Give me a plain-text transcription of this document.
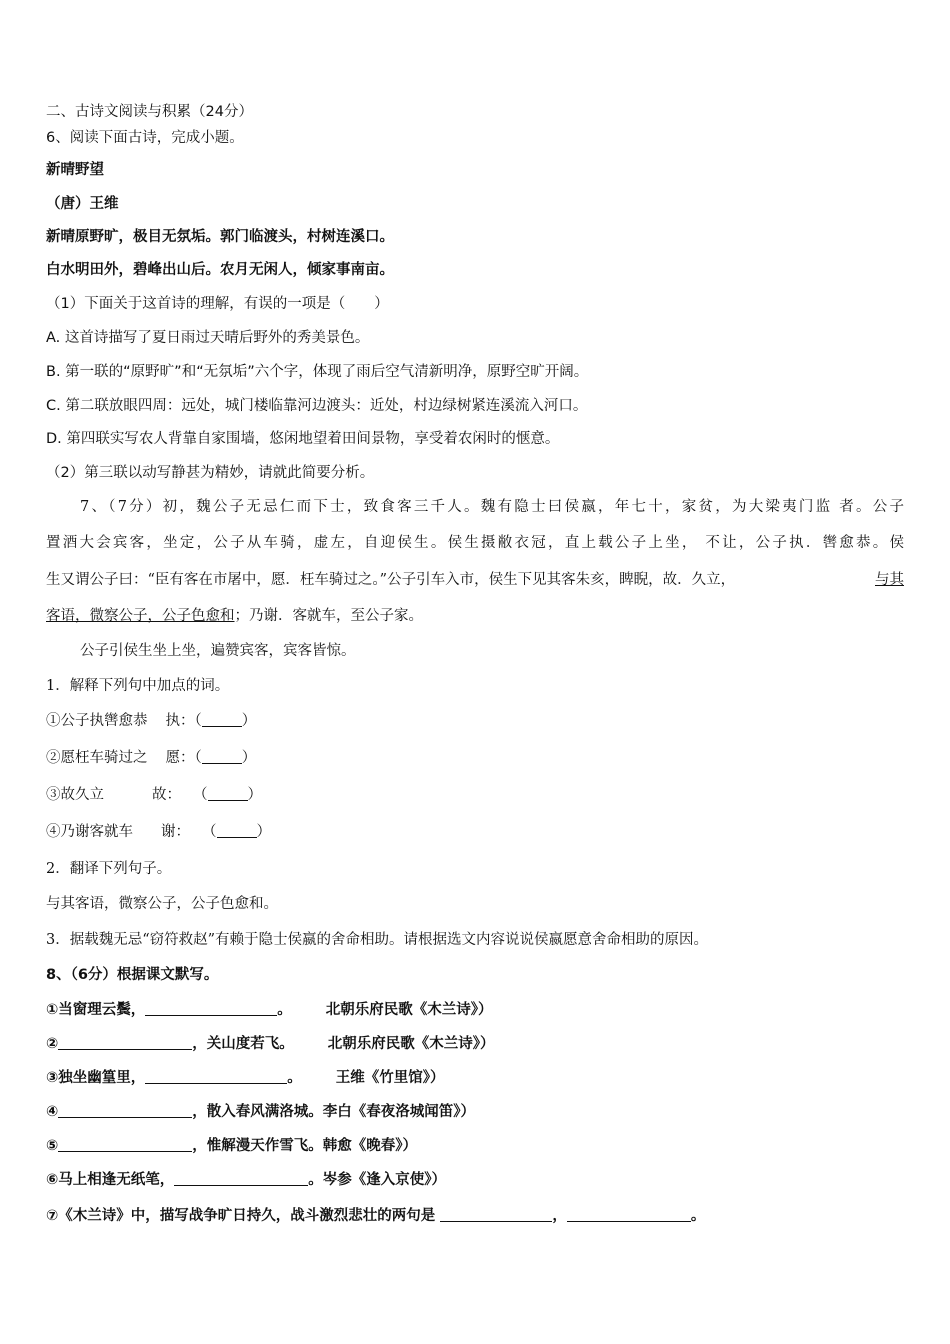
二、古诗文阅读与积累（24分）
6、阅读下面古诗，完成小题。
新晴野望
（唐）王维
新晴原野旷，极目无氛垢。郭门临渡头，村树连溪口。
白水明田外，碧峰出山后。农月无闲人，倾家事南亩。
（1）下面关于这首诗的理解，有误的一项是（　　）
A. 这首诗描写了夏日雨过天晴后野外的秀美景色。
B. 第一联的“原野旷”和“无氛垢”六个字，体现了雨后空气清新明净，原野空旷开阔。
C. 第二联放眼四周：远处，城门楼临靠河边渡头：近处，村边绿树紧连溪流入河口。
D. 第四联实写农人背靠自家围墙，悠闲地望着田间景物，享受着农闲时的惬意。
（2）第三联以动写静甚为精妙，请就此简要分析。
7、（7分）初，魏公子无忌仁而下士，致食客三千人。魏有隐士曰侯嬴，年七十，家贫，为大梁夷门监 者。公子
置酒大会宾客，坐定，公子从车骑，虚左，自迎侯生。侯生摄敝衣冠，直上载公子上坐， 不让，公子执．辔愈恭。侯
生又谓公子曰：“臣有客在市屠中，愿．枉车骑过之。”公子引车入市，侯生下见其客朱亥，睥睨，故．久立，	与其
客语，微察公子，公子色愈和；乃谢．客就车，至公子家。
公子引侯生坐上坐，遍赞宾客，宾客皆惊。
1．解释下列句中加点的词。
①公子执辔愈恭 执：（	）
②愿枉车骑过之 愿：（	）
③故久立	故： （	）
④乃谢客就车 谢： （	）
2．翻译下列句子。
与其客语，微察公子，公子色愈和。
3．据载魏无忌“窃符救赵”有赖于隐士侯嬴的舍命相助。请根据选文内容说说侯嬴愿意舍命相助的原因。
8、（6分）根据课文默写。
①当窗理云鬓，	。 北朝乐府民歌《木兰诗》）
②	，关山度若飞。 北朝乐府民歌《木兰诗》）
③独坐幽篁里，	。 王维《竹里馆》）
④	，散入春风满洛城。李白《春夜洛城闻笛》）
⑤	，惟解漫天作雪飞。韩愈《晚春》）
⑥马上相逢无纸笔，	。岑参《逢入京使》）
⑦《木兰诗》中，描写战争旷日持久，战斗激烈悲壮的两句是	，	。
